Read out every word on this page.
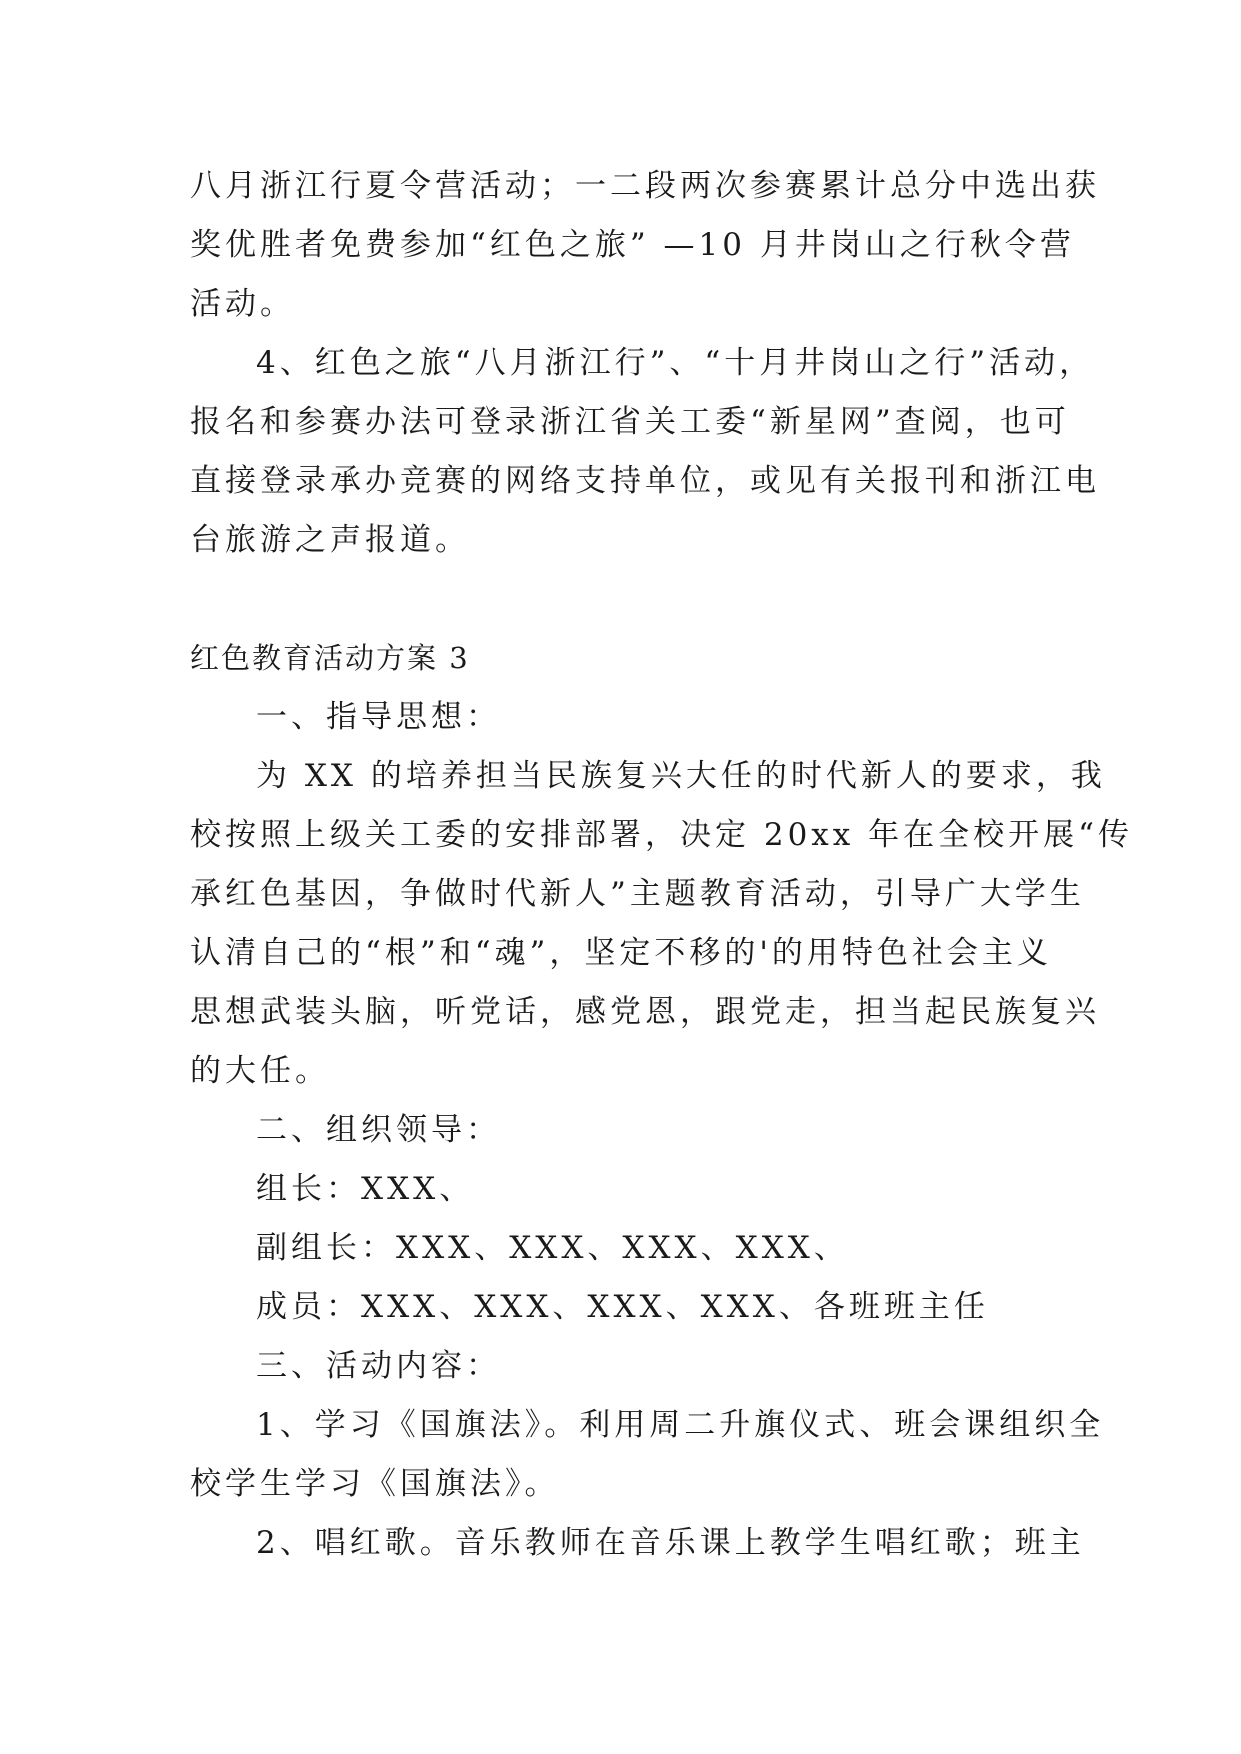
八月浙江行夏令营活动；一二段两次参赛累计总分中选出获
奖优胜者免费参加“红色之旅” —10 月井岗山之行秋令营
活动。
4、红色之旅“八月浙江行”、“十月井岗山之行”活动，
报名和参赛办法可登录浙江省关工委“新星网”查阅，也可
直接登录承办竞赛的网络支持单位，或见有关报刊和浙江电
台旅游之声报道。
红色教育活动方案 3
一、指导思想：
为 XX 的培养担当民族复兴大任的时代新人的要求，我
校按照上级关工委的安排部署，决定 20xx 年在全校开展“传
承红色基因，争做时代新人”主题教育活动，引导广大学生
认清自己的“根”和“魂”，坚定不移的'的用特色社会主义
思想武装头脑，听党话，感党恩，跟党走，担当起民族复兴
的大任。
二、组织领导：
组长：XXX、
副组长：XXX、XXX、XXX、XXX、
成员：XXX、XXX、XXX、XXX、各班班主任
三、活动内容：
1、学习《国旗法》。利用周二升旗仪式、班会课组织全
校学生学习《国旗法》。
2、唱红歌。音乐教师在音乐课上教学生唱红歌；班主
